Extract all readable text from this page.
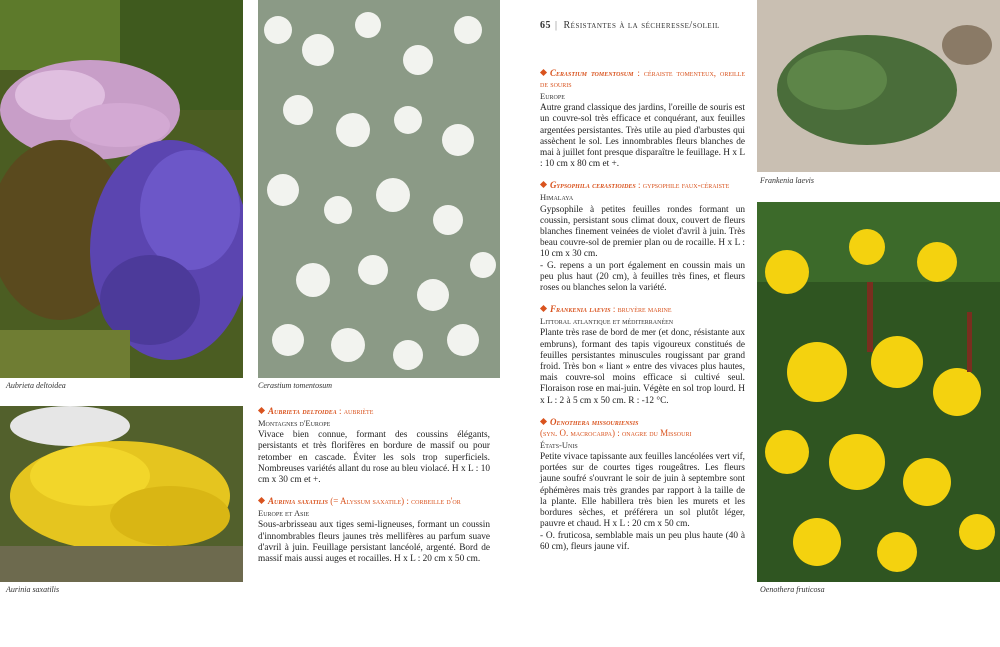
Aubrieta deltoidea	Cerastium tomentosum
Aurinia saxatilis
Frankenia laevis
Oenothera fruticosa
65 | Résistantes à la sécheresse/soleil
Aubrieta deltoidea : aubriète
Montagnes d'Europe

Vivace bien connue, formant des coussins élégants, persistants et très florifères en bordure de massif ou pour retomber en cascade. Éviter les sols trop superficiels. Nombreuses variétés allant du rose au bleu violacé. H x L : 10 cm x 30 cm et +.

Aurinia saxatilis (= Alyssum saxatile) : corbeille d'or
Europe et Asie

Sous-arbrisseau aux tiges semi-ligneuses, formant un coussin d'innombrables fleurs jaunes très mellifères au parfum suave d'avril à juin. Feuillage persistant lancéolé, argenté. Bord de massif mais aussi auges et rocailles. H x L : 20 cm x 50 cm.

Cerastium tomentosum : céraiste tomenteux, oreille de souris
Europe

Autre grand classique des jardins, l'oreille de souris est un couvre-sol très efficace et conquérant, aux feuilles argentées persistantes. Très utile au pied d'arbustes qui assèchent le sol. Les innombrables fleurs blanches de mai à juillet font presque disparaître le feuillage. H x L : 10 cm x 80 cm et +.

Gypsophila cerastioides : gypsophile faux-céraiste
Himalaya

Gypsophile à petites feuilles rondes formant un coussin, persistant sous climat doux, couvert de fleurs blanches finement veinées de violet d'avril à juin. Très beau couvre-sol de premier plan ou de rocaille. H x L : 10 cm x 30 cm.

- G. repens a un port également en coussin mais un peu plus haut (20 cm), à feuilles très fines, et fleurs roses ou blanches selon la variété.

Frankenia laevis : bruyère marine
Littoral atlantique et méditerranéen

Plante très rase de bord de mer (et donc, résistante aux embruns), formant des tapis vigoureux constitués de feuilles persistantes minuscules rougissant par grand froid. Très bon « liant » entre des vivaces plus hautes, mais couvre-sol moins efficace si cultivé seul. Floraison rose en mai-juin. Végète en sol trop lourd. H x L : 2 à 5 cm x 50 cm. R : -12 °C.

Oenothera missouriensis
(syn. O. macrocarpa) : onagre du Missouri
États-Unis

Petite vivace tapissante aux feuilles lancéolées vert vif, portées sur de courtes tiges rougeâtres. Les fleurs jaune soufré s'ouvrant le soir de juin à septembre sont éphémères mais très grandes par rapport à la taille de la plante. Elle habillera très bien les murets et les bordures sèches, et préférera un sol plutôt léger, pauvre et chaud. H x L : 20 cm x 50 cm.

- O. fruticosa, semblable mais un peu plus haute (40 à 60 cm), fleurs jaune vif.
